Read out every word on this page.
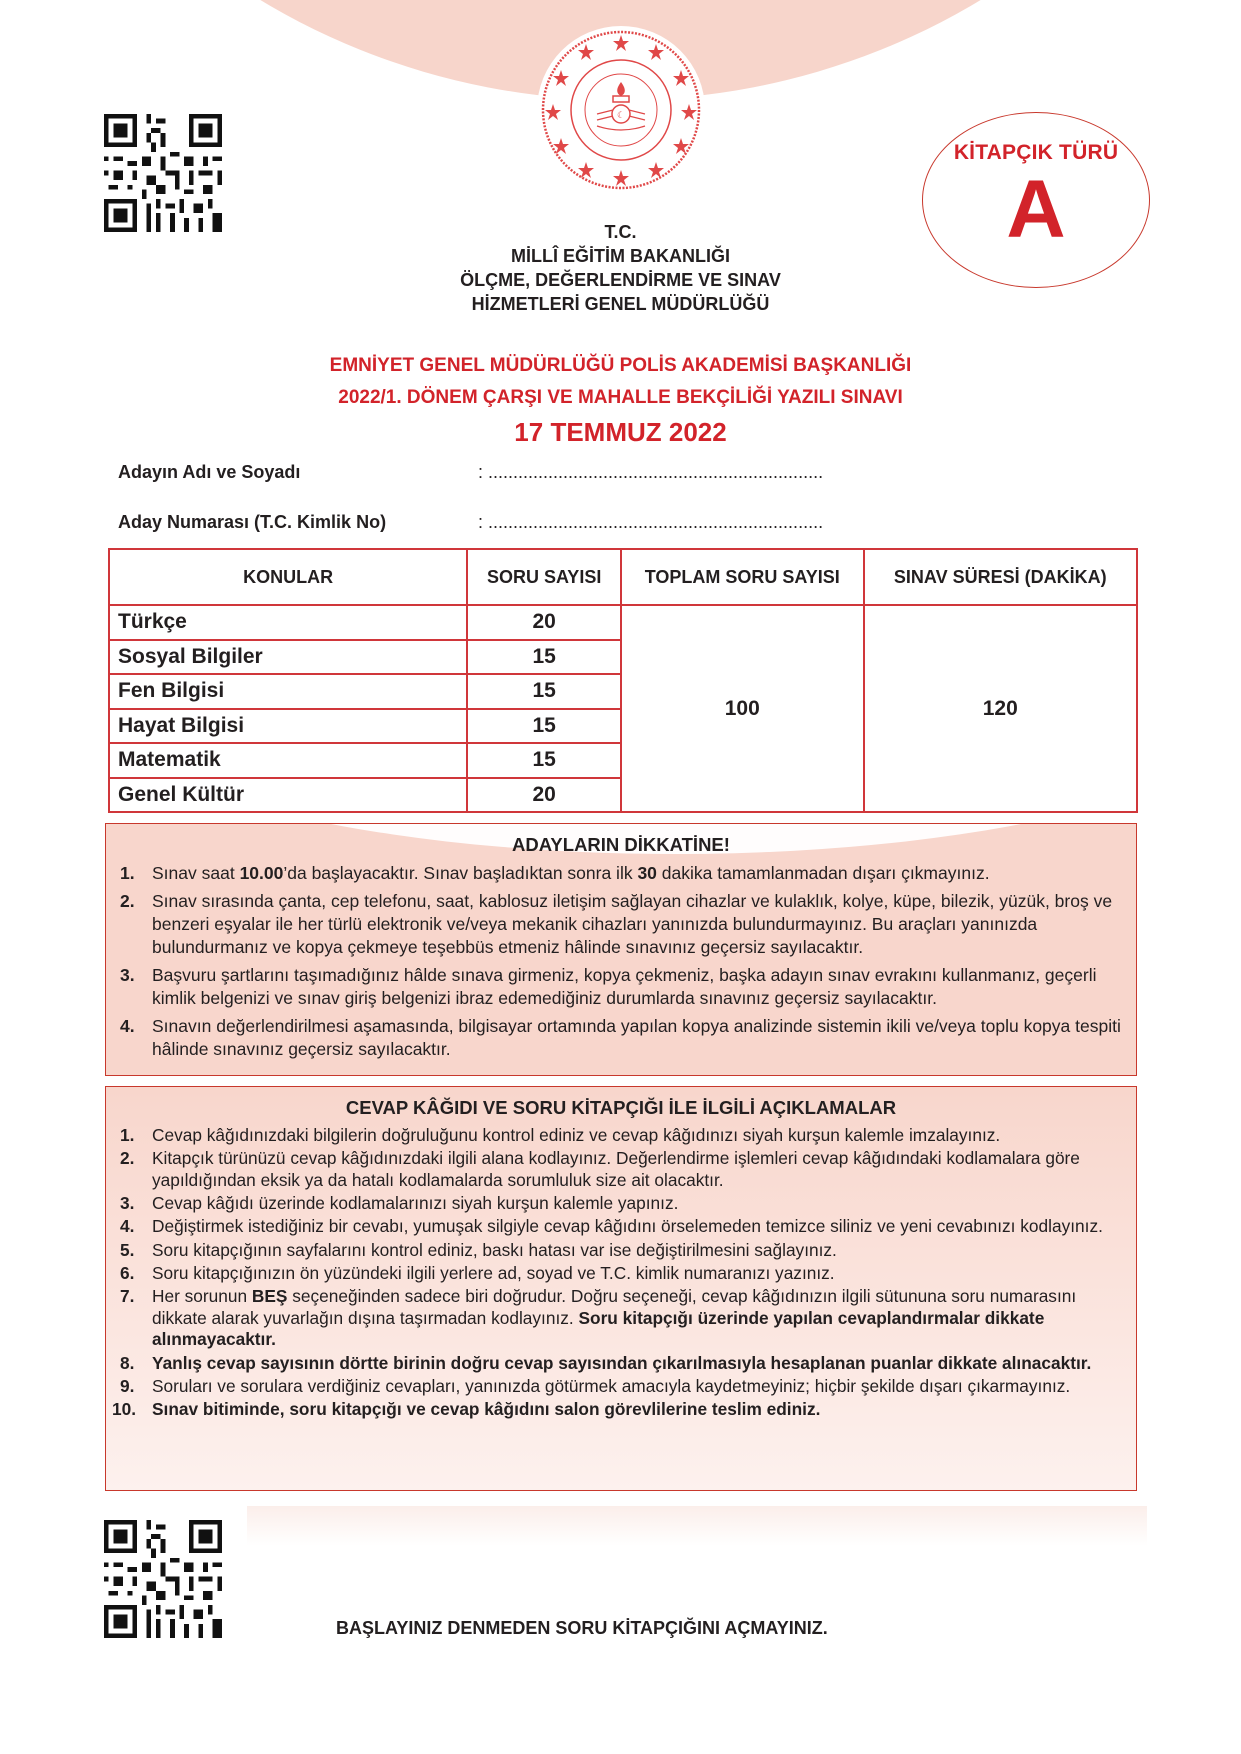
☾
KİTAPÇIK TÜRÜ
A
T.C.
MİLLÎ EĞİTİM BAKANLIĞI
ÖLÇME, DEĞERLENDİRME VE SINAV
HİZMETLERİ GENEL MÜDÜRLÜĞÜ
EMNİYET GENEL MÜDÜRLÜĞÜ POLİS AKADEMİSİ BAŞKANLIĞI
2022/1. DÖNEM ÇARŞI VE MAHALLE BEKÇİLİĞİ YAZILI SINAVI
17 TEMMUZ 2022
Adayın Adı ve Soyadı	: ...................................................................
Aday Numarası (T.C. Kimlik No)	: ...................................................................
KONULAR	SORU SAYISI	TOPLAM SORU SAYISI	SINAV SÜRESİ (DAKİKA)
Türkçe	20	100	120
Sosyal Bilgiler	15		
Fen Bilgisi	15		
Hayat Bilgisi	15		
Matematik	15		
Genel Kültür	20		
ADAYLARIN DİKKATİNE!
1. Sınav saat 10.00’da başlayacaktır. Sınav başladıktan sonra ilk 30 dakika tamamlanmadan dışarı çıkmayınız.
2. Sınav sırasında çanta, cep telefonu, saat, kablosuz iletişim sağlayan cihazlar ve kulaklık, kolye, küpe, bilezik, yüzük, broş ve benzeri eşyalar ile her türlü elektronik ve/veya mekanik cihazları yanınızda bulundurmayınız. Bu araçları yanınızda bulundurmanız ve kopya çekmeye teşebbüs etmeniz hâlinde sınavınız geçersiz sayılacaktır.
3. Başvuru şartlarını taşımadığınız hâlde sınava girmeniz, kopya çekmeniz, başka adayın sınav evrakını kullanmanız, geçerli kimlik belgenizi ve sınav giriş belgenizi ibraz edemediğiniz durumlarda sınavınız geçersiz sayılacaktır.
4. Sınavın değerlendirilmesi aşamasında, bilgisayar ortamında yapılan kopya analizinde sistemin ikili ve/veya toplu kopya tespiti hâlinde sınavınız geçersiz sayılacaktır.
CEVAP KÂĞIDI VE SORU KİTAPÇIĞI İLE İLGİLİ AÇIKLAMALAR
1. Cevap kâğıdınızdaki bilgilerin doğruluğunu kontrol ediniz ve cevap kâğıdınızı siyah kurşun kalemle imzalayınız.
2. Kitapçık türünüzü cevap kâğıdınızdaki ilgili alana kodlayınız. Değerlendirme işlemleri cevap kâğıdındaki kodlamalara göre yapıldığından eksik ya da hatalı kodlamalarda sorumluluk size ait olacaktır.
3. Cevap kâğıdı üzerinde kodlamalarınızı siyah kurşun kalemle yapınız.
4. Değiştirmek istediğiniz bir cevabı, yumuşak silgiyle cevap kâğıdını örselemeden temizce siliniz ve yeni cevabınızı kodlayınız.
5. Soru kitapçığının sayfalarını kontrol ediniz, baskı hatası var ise değiştirilmesini sağlayınız.
6. Soru kitapçığınızın ön yüzündeki ilgili yerlere ad, soyad ve T.C. kimlik numaranızı yazınız.
7. Her sorunun BEŞ seçeneğinden sadece biri doğrudur. Doğru seçeneği, cevap kâğıdınızın ilgili sütununa soru numarasını dikkate alarak yuvarlağın dışına taşırmadan kodlayınız. Soru kitapçığı üzerinde yapılan cevaplandırmalar dikkate alınmayacaktır.
8. Yanlış cevap sayısının dörtte birinin doğru cevap sayısından çıkarılmasıyla hesaplanan puanlar dikkate alınacaktır.
9. Soruları ve sorulara verdiğiniz cevapları, yanınızda götürmek amacıyla kaydetmeyiniz; hiçbir şekilde dışarı çıkarmayınız.
10. Sınav bitiminde, soru kitapçığı ve cevap kâğıdını salon görevlilerine teslim ediniz.
BAŞLAYINIZ DENMEDEN SORU KİTAPÇIĞINI AÇMAYINIZ.
